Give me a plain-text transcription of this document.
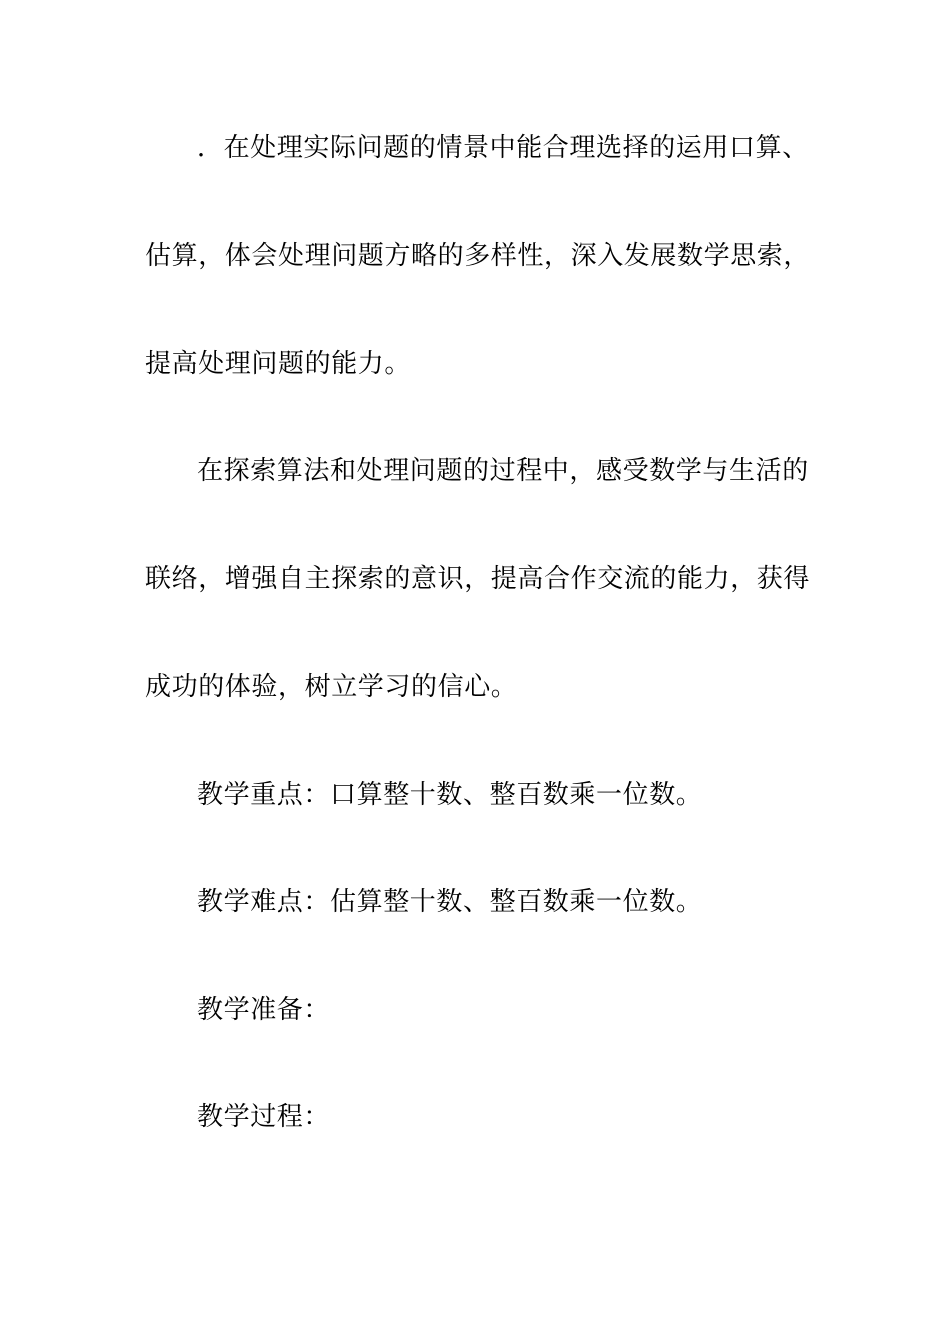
．在处理实际问题的情景中能合理选择的运用口算、
估算，体会处理问题方略的多样性，深入发展数学思索，
提高处理问题的能力。
在探索算法和处理问题的过程中，感受数学与生活的
联络，增强自主探索的意识，提高合作交流的能力，获得
成功的体验，树立学习的信心。
教学重点：口算整十数、整百数乘一位数。
教学难点：估算整十数、整百数乘一位数。
教学准备：
教学过程：
